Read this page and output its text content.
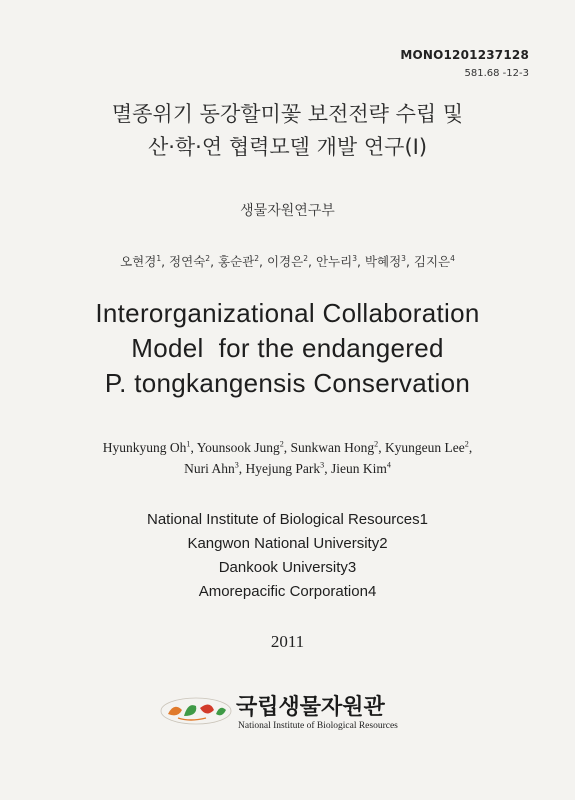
MONO1201237128
581.68 -12-3
멸종위기 동강할미꽃 보전전략 수립 및
산·학·연 협력모델 개발 연구(I)
생물자원연구부
오현경$^1$, 정연숙$^2$, 홍순관$^2$, 이경은$^2$, 안누리$^3$, 박혜정$^3$, 김지은$^4$
Interorganizational Collaboration
Model  for the endangered
P. tongkangensis Conservation
Hyunkyung Oh$^1$, Younsook Jung$^2$, Sunkwan Hong$^2$, Kyungeun Lee$^2$,
Nuri Ahn$^3$, Hyejung Park$^3$, Jieun Kim$^4$
National Institute of Biological Resources1
Kangwon National University2
Dankook University3
Amorepacific Corporation4
2011
국립생물자원관
National Institute of Biological Resources
